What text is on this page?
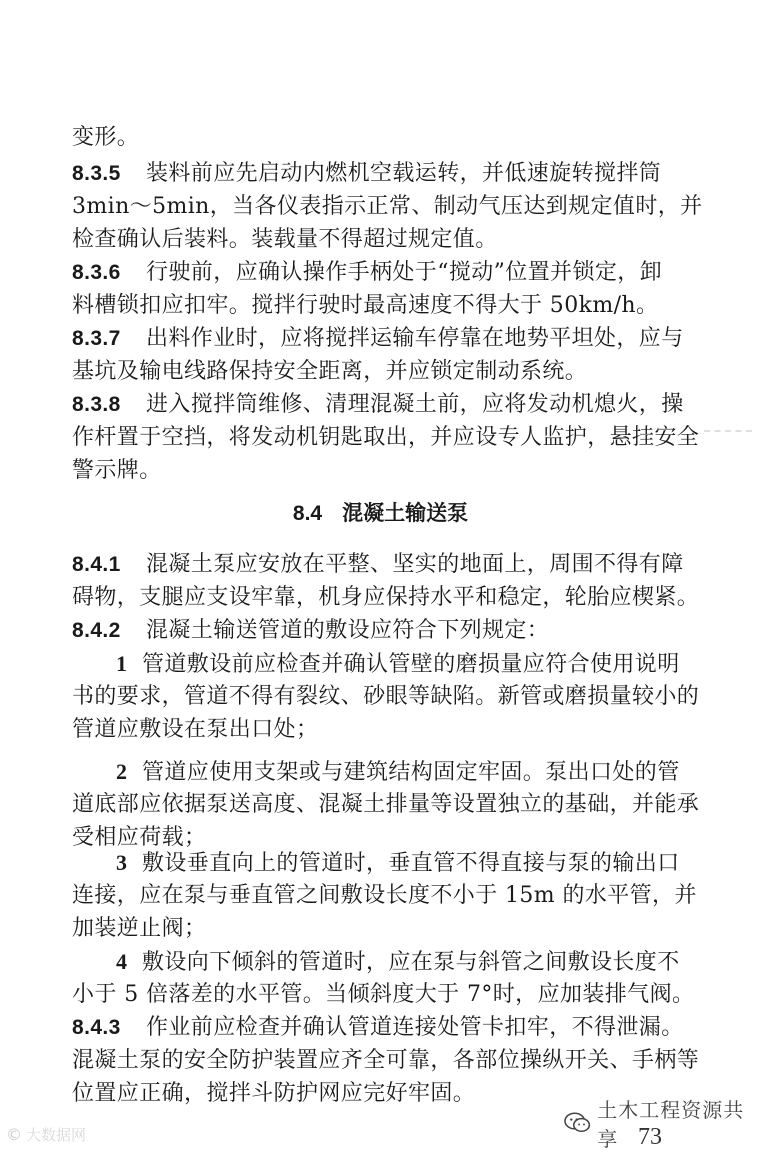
变形。
8.3.5 装料前应先启动内燃机空载运转，并低速旋转搅拌筒
3min～5min，当各仪表指示正常、制动气压达到规定值时，并
检查确认后装料。装载量不得超过规定值。
8.3.6 行驶前，应确认操作手柄处于“搅动”位置并锁定，卸
料槽锁扣应扣牢。搅拌行驶时最高速度不得大于 50km/h。
8.3.7 出料作业时，应将搅拌运输车停靠在地势平坦处，应与
基坑及输电线路保持安全距离，并应锁定制动系统。
8.3.8 进入搅拌筒维修、清理混凝土前，应将发动机熄火，操
作杆置于空挡，将发动机钥匙取出，并应设专人监护，悬挂安全
警示牌。
8.4 混凝土输送泵
8.4.1 混凝土泵应安放在平整、坚实的地面上，周围不得有障
碍物，支腿应支设牢靠，机身应保持水平和稳定，轮胎应楔紧。
8.4.2 混凝土输送管道的敷设应符合下列规定：
1 管道敷设前应检查并确认管壁的磨损量应符合使用说明
书的要求，管道不得有裂纹、砂眼等缺陷。新管或磨损量较小的
管道应敷设在泵出口处；
2 管道应使用支架或与建筑结构固定牢固。泵出口处的管
道底部应依据泵送高度、混凝土排量等设置独立的基础，并能承
受相应荷载；
3 敷设垂直向上的管道时，垂直管不得直接与泵的输出口
连接，应在泵与垂直管之间敷设长度不小于 15m 的水平管，并
加装逆止阀；
4 敷设向下倾斜的管道时，应在泵与斜管之间敷设长度不
小于 5 倍落差的水平管。当倾斜度大于 7°时，应加装排气阀。
8.4.3 作业前应检查并确认管道连接处管卡扣牢，不得泄漏。
混凝土泵的安全防护装置应齐全可靠，各部位操纵开关、手柄等
位置应正确，搅拌斗防护网应完好牢固。
© 大数据网
土木工程资源共享 73
